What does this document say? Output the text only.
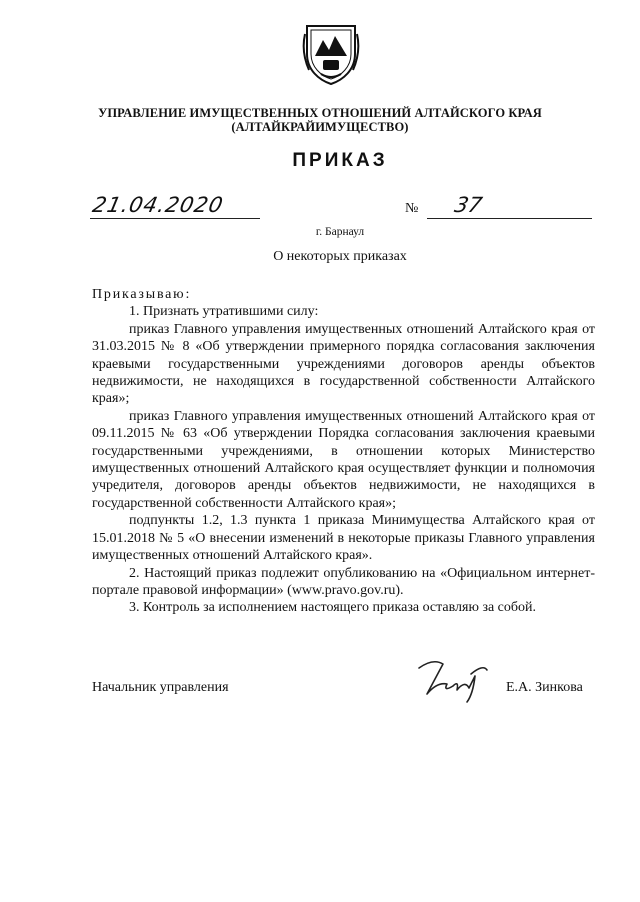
УПРАВЛЕНИЕ ИМУЩЕСТВЕННЫХ ОТНОШЕНИЙ АЛТАЙСКОГО КРАЯ
(АЛТАЙКРАЙИМУЩЕСТВО)
ПРИКАЗ
21.04.2020	№ 37
г. Барнаул
О некоторых приказах

Приказываю:

1. Признать утратившими силу:

приказ Главного управления имущественных отношений Алтайского края от 31.03.2015 № 8 «Об утверждении примерного порядка согласования заключения краевыми государственными учреждениями договоров аренды объектов недвижимости, не находящихся в государственной собственности Алтайского края»;

приказ Главного управления имущественных отношений Алтайского края от 09.11.2015 № 63 «Об утверждении Порядка согласования заключения краевыми государственными учреждениями, в отношении которых Министерство имущественных отношений Алтайского края осуществляет функции и полномочия учредителя, договоров аренды объектов недвижимости, не находящихся в государственной собственности Алтайского края»;

подпункты 1.2, 1.3 пункта 1 приказа Минимущества Алтайского края от 15.01.2018 № 5 «О внесении изменений в некоторые приказы Главного управления имущественных отношений Алтайского края».

2. Настоящий приказ подлежит опубликованию на «Официальном интернет-портале правовой информации» (www.pravo.gov.ru).

3. Контроль за исполнением настоящего приказа оставляю за собой.

Начальник управления	Е.А. Зинкова
